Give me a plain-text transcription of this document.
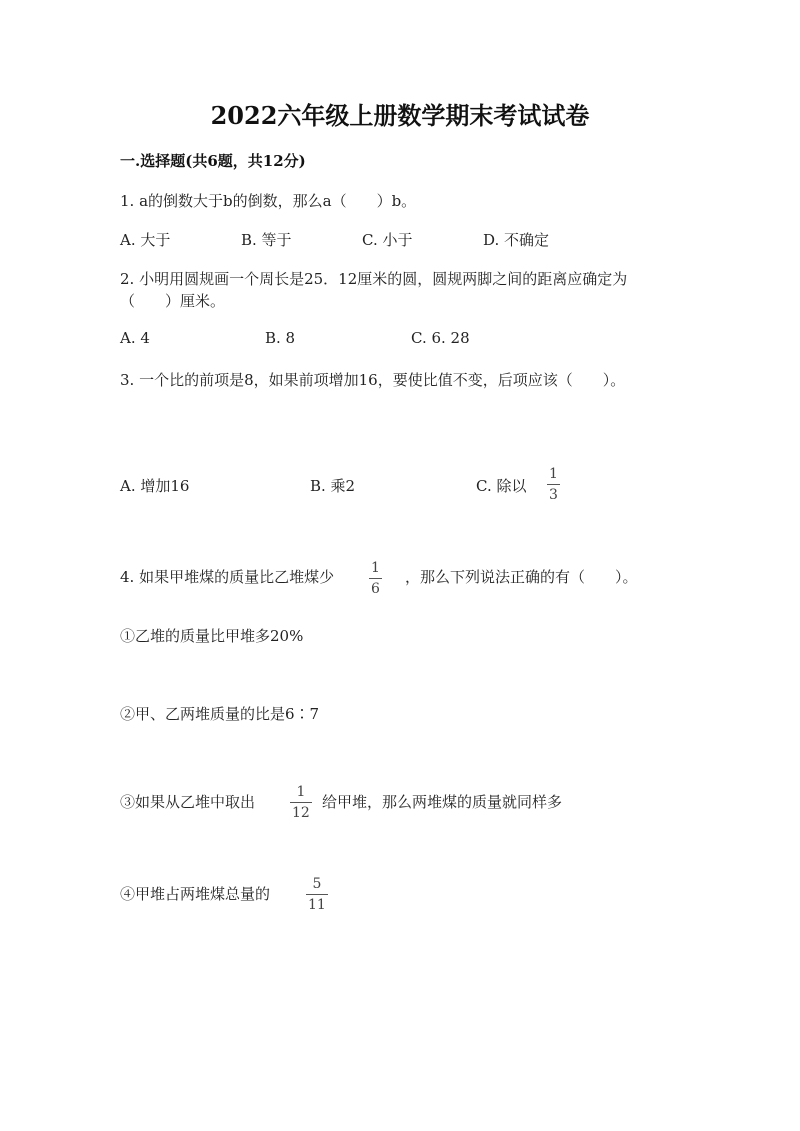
2022六年级上册数学期末考试试卷
一.选择题(共6题，共12分)
1. a的倒数大于b的倒数，那么a（　　）b。
A. 大于	B. 等于	C. 小于	D. 不确定
2. 小明用圆规画一个周长是25．12厘米的圆，圆规两脚之间的距离应确定为
（　　）厘米。
A. 4	B. 8	C. 6. 28
3. 一个比的前项是8，如果前项增加16，要使比值不变，后项应该（　　）。
A. 增加16	B. 乘2	C. 除以
1
3
4. 如果甲堆煤的质量比乙堆煤少	1
6
，那么下列说法正确的有（　　）。
①乙堆的质量比甲堆多20%
②甲、乙两堆质量的比是6∶7
③如果从乙堆中取出
1
12
给甲堆，那么两堆煤的质量就同样多
④甲堆占两堆煤总量的
5
11
